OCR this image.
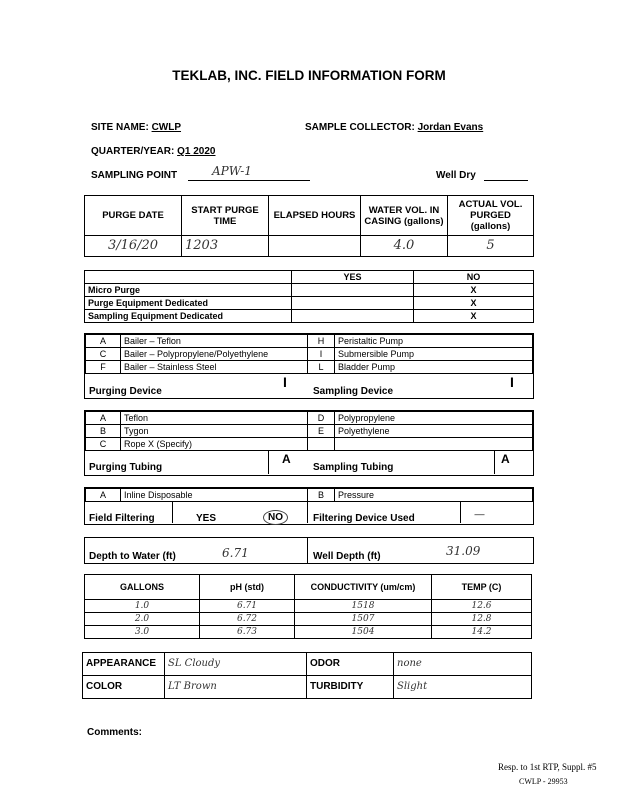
TEKLAB, INC. FIELD INFORMATION FORM
SITE NAME: CWLP	SAMPLE COLLECTOR: Jordan Evans
QUARTER/YEAR: Q1 2020
SAMPLING POINT	APW-1	Well Dry
PURGE DATE	START PURGE TIME	ELAPSED HOURS	WATER VOL. IN CASING (gallons)	ACTUAL VOL. PURGED (gallons)
3/16/20	1203		4.0	5
	YES	NO
Micro Purge		X
Purge Equipment Dedicated		X
Sampling Equipment Dedicated		X
A	Bailer – Teflon	H	Peristaltic Pump
C	Bailer – Polypropylene/Polyethylene	I	Submersible Pump
F	Bailer – Stainless Steel	L	Bladder Pump
Purging Device
I
Sampling Device
I
A	Teflon	D	Polypropylene
B	Tygon	E	Polyethylene
C	Rope X (Specify)		
Purging Tubing
A
Sampling Tubing
A
A	Inline Disposable	B	Pressure
Field Filtering	YES	NO	Filtering Device Used	—
Depth to Water (ft)	6.71	Well Depth (ft)	31.09
GALLONS	pH (std)	CONDUCTIVITY (um/cm)	TEMP (C)
1.0	6.71	1518	12.6
2.0	6.72	1507	12.8
3.0	6.73	1504	14.2
APPEARANCE	SL Cloudy	ODOR	none
COLOR	LT Brown	TURBIDITY	Slight
Comments:
Resp. to 1st RTP, Suppl. #5
CWLP - 29953
